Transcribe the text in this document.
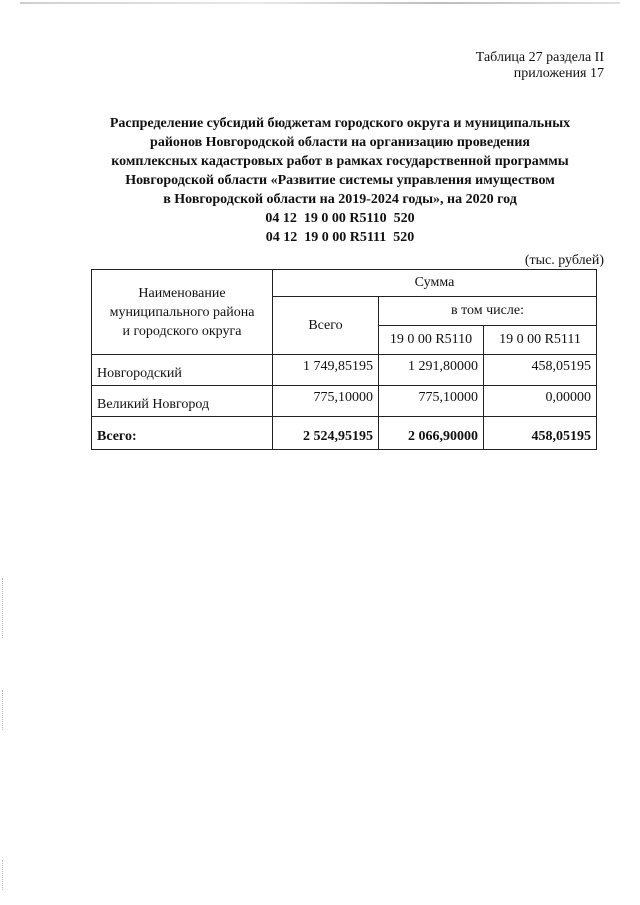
Таблица 27 раздела II
приложения 17
Распределение субсидий бюджетам городского округа и муниципальных
районов Новгородской области на организацию проведения
комплексных кадастровых работ в рамках государственной программы
Новгородской области «Развитие системы управления имуществом
в Новгородской области на 2019-2024 годы», на 2020 год
04 12  19 0 00 R5110  520
04 12  19 0 00 R5111  520
(тыс. рублей)
Наименование
муниципального района
и городского округа	Сумма		
	Всего	в том числе:	
		19 0 00 R5110	19 0 00 R5111
Новгородский	1 749,85195	1 291,80000	458,05195
Великий Новгород	775,10000	775,10000	0,00000
Всего:	2 524,95195	2 066,90000	458,05195
